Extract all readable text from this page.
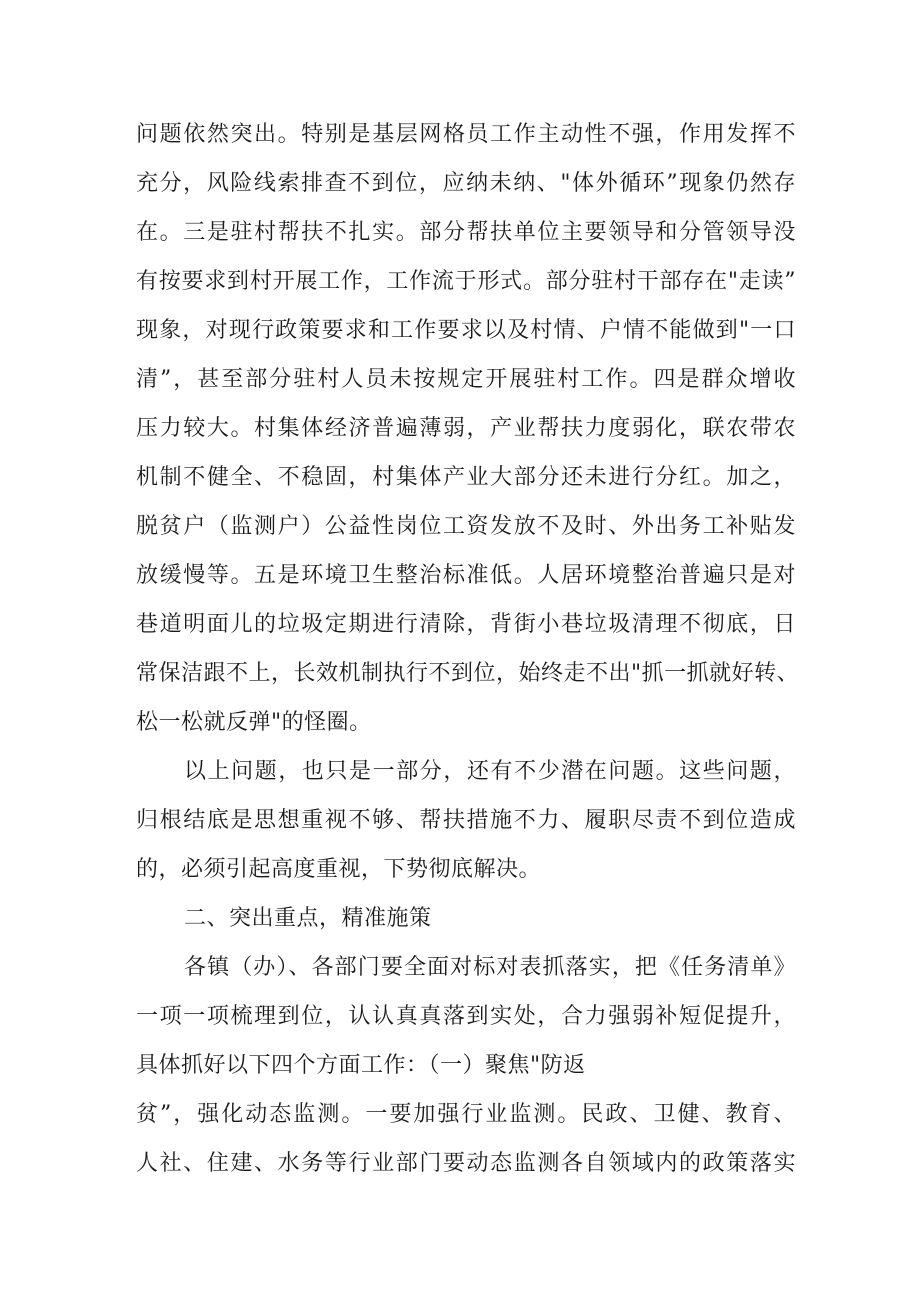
问题依然突出。特别是基层网格员工作主动性不强，作用发挥不
充分，风险线索排查不到位，应纳未纳、"体外循环”现象仍然存
在。三是驻村帮扶不扎实。部分帮扶单位主要领导和分管领导没
有按要求到村开展工作，工作流于形式。部分驻村干部存在"走读”
现象，对现行政策要求和工作要求以及村情、户情不能做到"一口
清”，甚至部分驻村人员未按规定开展驻村工作。四是群众增收
压力较大。村集体经济普遍薄弱，产业帮扶力度弱化，联农带农
机制不健全、不稳固，村集体产业大部分还未进行分红。加之，
脱贫户（监测户）公益性岗位工资发放不及时、外出务工补贴发
放缓慢等。五是环境卫生整治标准低。人居环境整治普遍只是对
巷道明面儿的垃圾定期进行清除，背街小巷垃圾清理不彻底，日
常保洁跟不上，长效机制执行不到位，始终走不出"抓一抓就好转、
松一松就反弹"的怪圈。
以上问题，也只是一部分，还有不少潜在问题。这些问题，
归根结底是思想重视不够、帮扶措施不力、履职尽责不到位造成
的，必须引起高度重视，下势彻底解决。
二、突出重点，精准施策
各镇（办）、各部门要全面对标对表抓落实，把《任务清单》
一项一项梳理到位，认认真真落到实处，合力强弱补短促提升，
具体抓好以下四个方面工作：（一）聚焦"防返
贫”，强化动态监测。一要加强行业监测。民政、卫健、教育、
人社、住建、水务等行业部门要动态监测各自领域内的政策落实
